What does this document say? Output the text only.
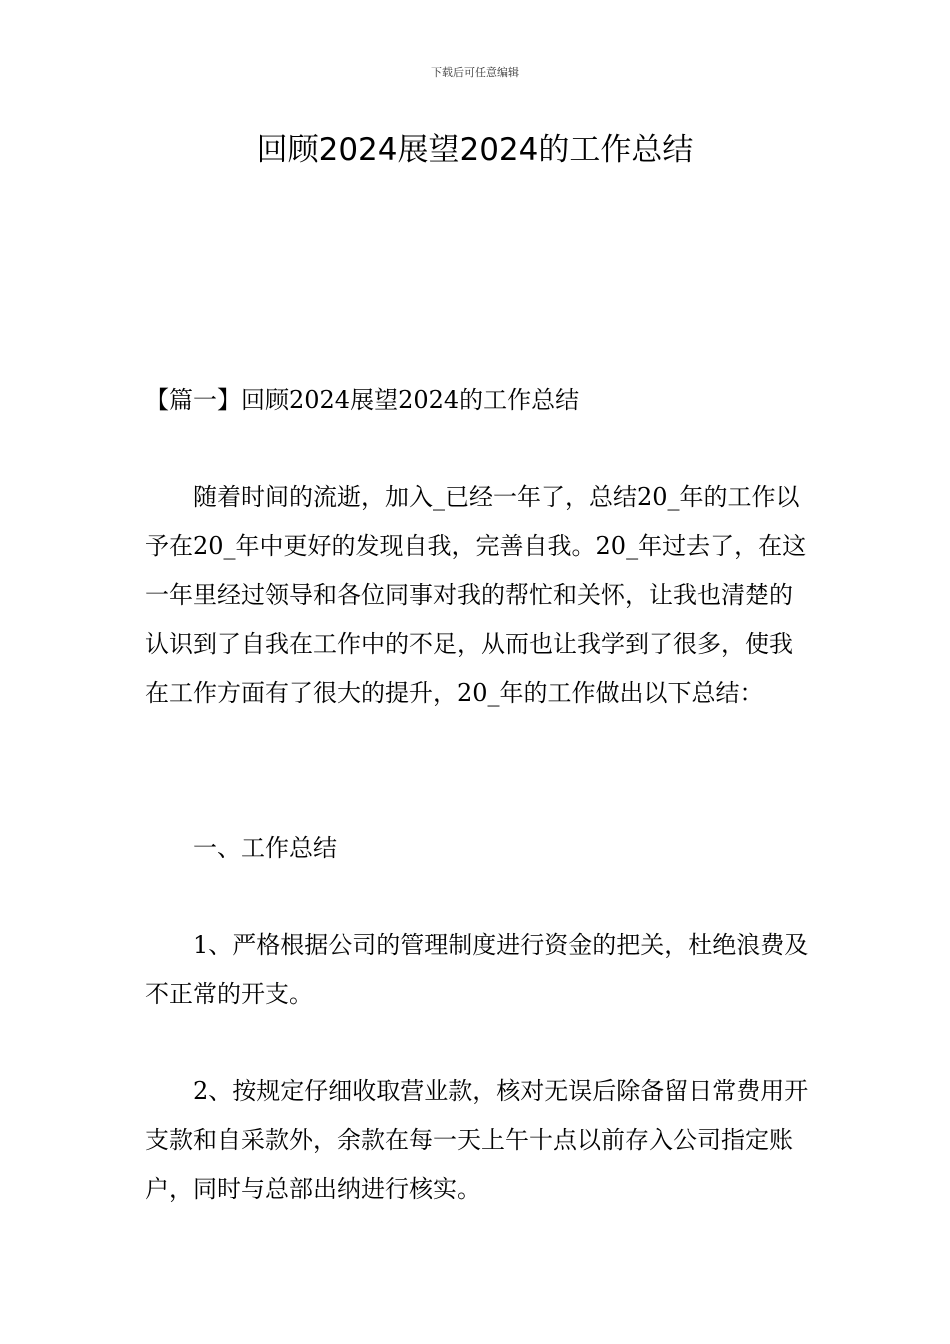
下载后可任意编辑
回顾2024展望2024的工作总结

【篇一】回顾2024展望2024的工作总结

随着时间的流逝，加入_已经一年了，总结20_年的工作以予在20_年中更好的发现自我，完善自我。20_年过去了，在这一年里经过领导和各位同事对我的帮忙和关怀，让我也清楚的认识到了自我在工作中的不足，从而也让我学到了很多，使我在工作方面有了很大的提升，20_年的工作做出以下总结：

一、工作总结

1、严格根据公司的管理制度进行资金的把关，杜绝浪费及不正常的开支。

2、按规定仔细收取营业款，核对无误后除备留日常费用开支款和自采款外，余款在每一天上午十点以前存入公司指定账户，同时与总部出纳进行核实。
